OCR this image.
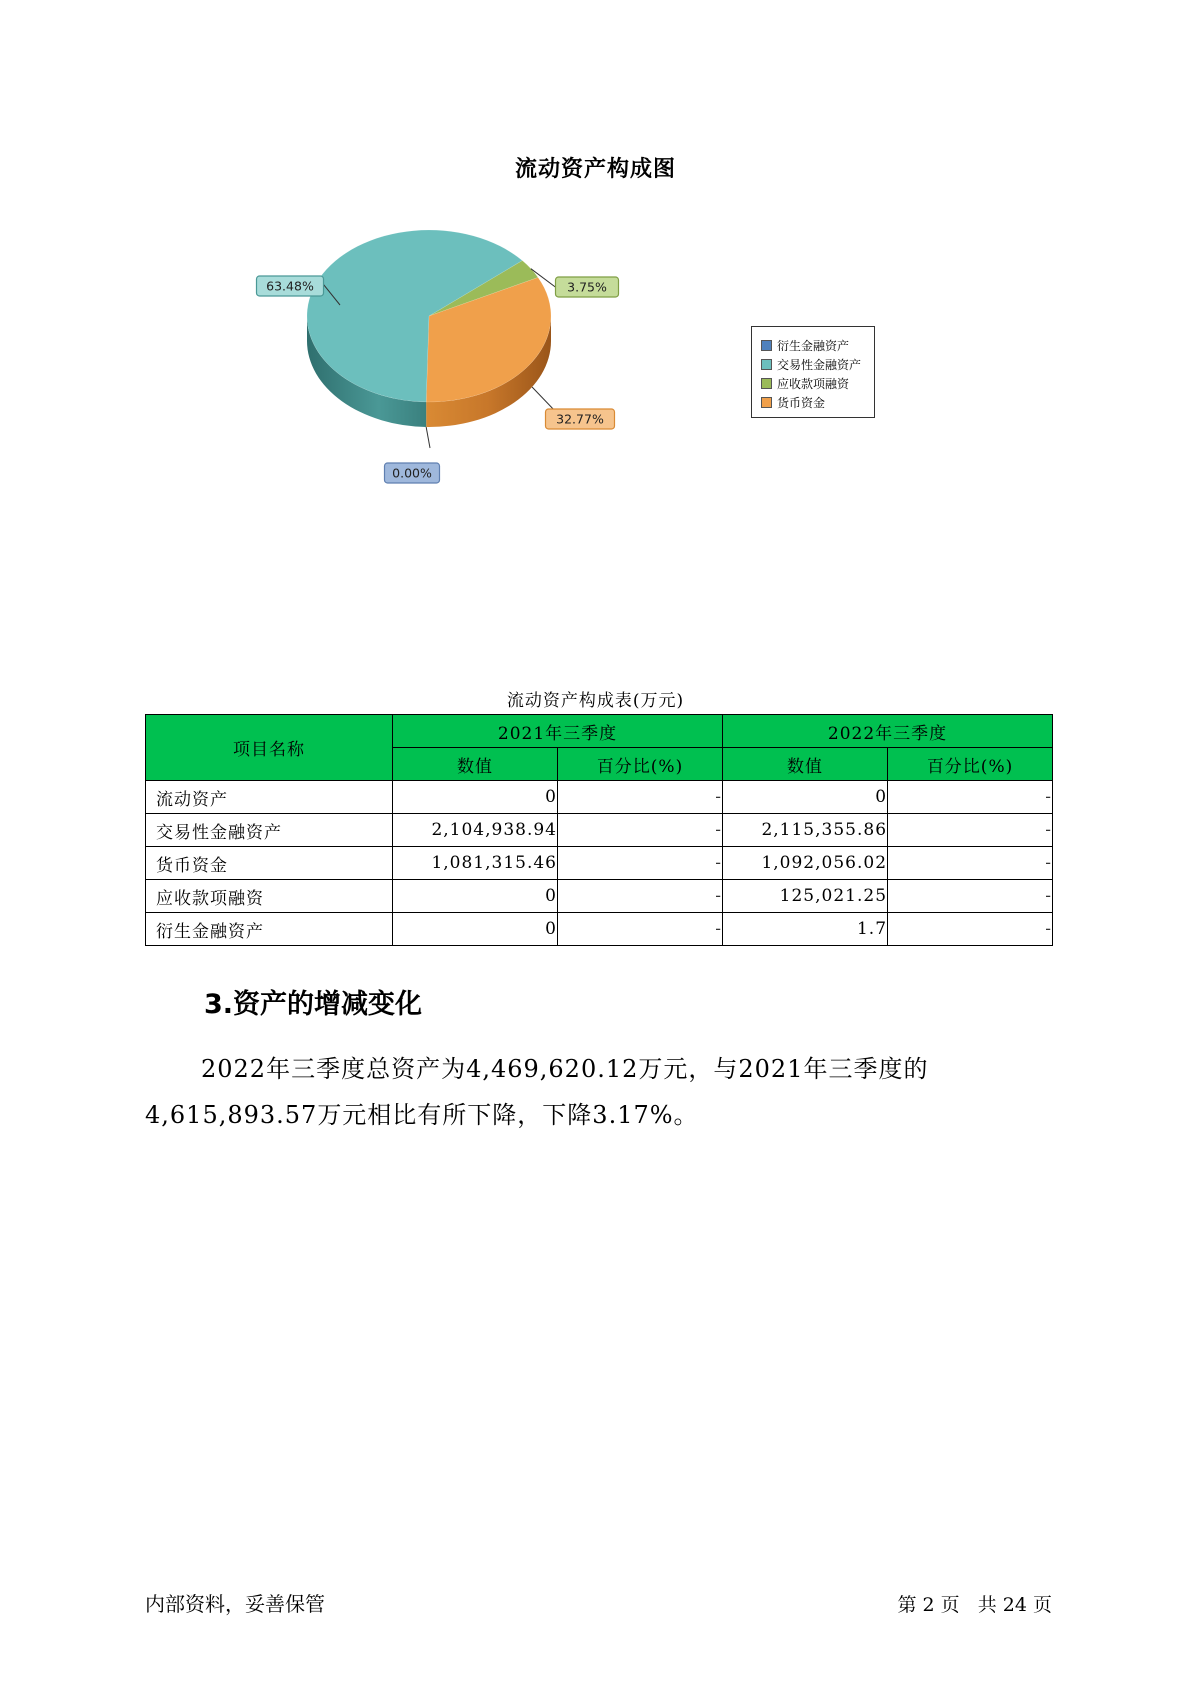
流动资产构成图
3.75%
32.77%
0.00%
63.48%
衍生金融资产
交易性金融资产
应收款项融资
货币资金
流动资产构成表(万元)
项目名称	2021年三季度		2022年三季度	
	数值	百分比(%)	数值	百分比(%)
流动资产	0	-	0	-
交易性金融资产	2,104,938.94	-	2,115,355.86	-
货币资金	1,081,315.46	-	1,092,056.02	-
应收款项融资	0	-	125,021.25	-
衍生金融资产	0	-	1.7	-
3.资产的增减变化
2022年三季度总资产为4,469,620.12万元，与2021年三季度的4,615,893.57万元相比有所下降，下降3.17%。
内部资料，妥善保管	第 2 页   共 24 页
